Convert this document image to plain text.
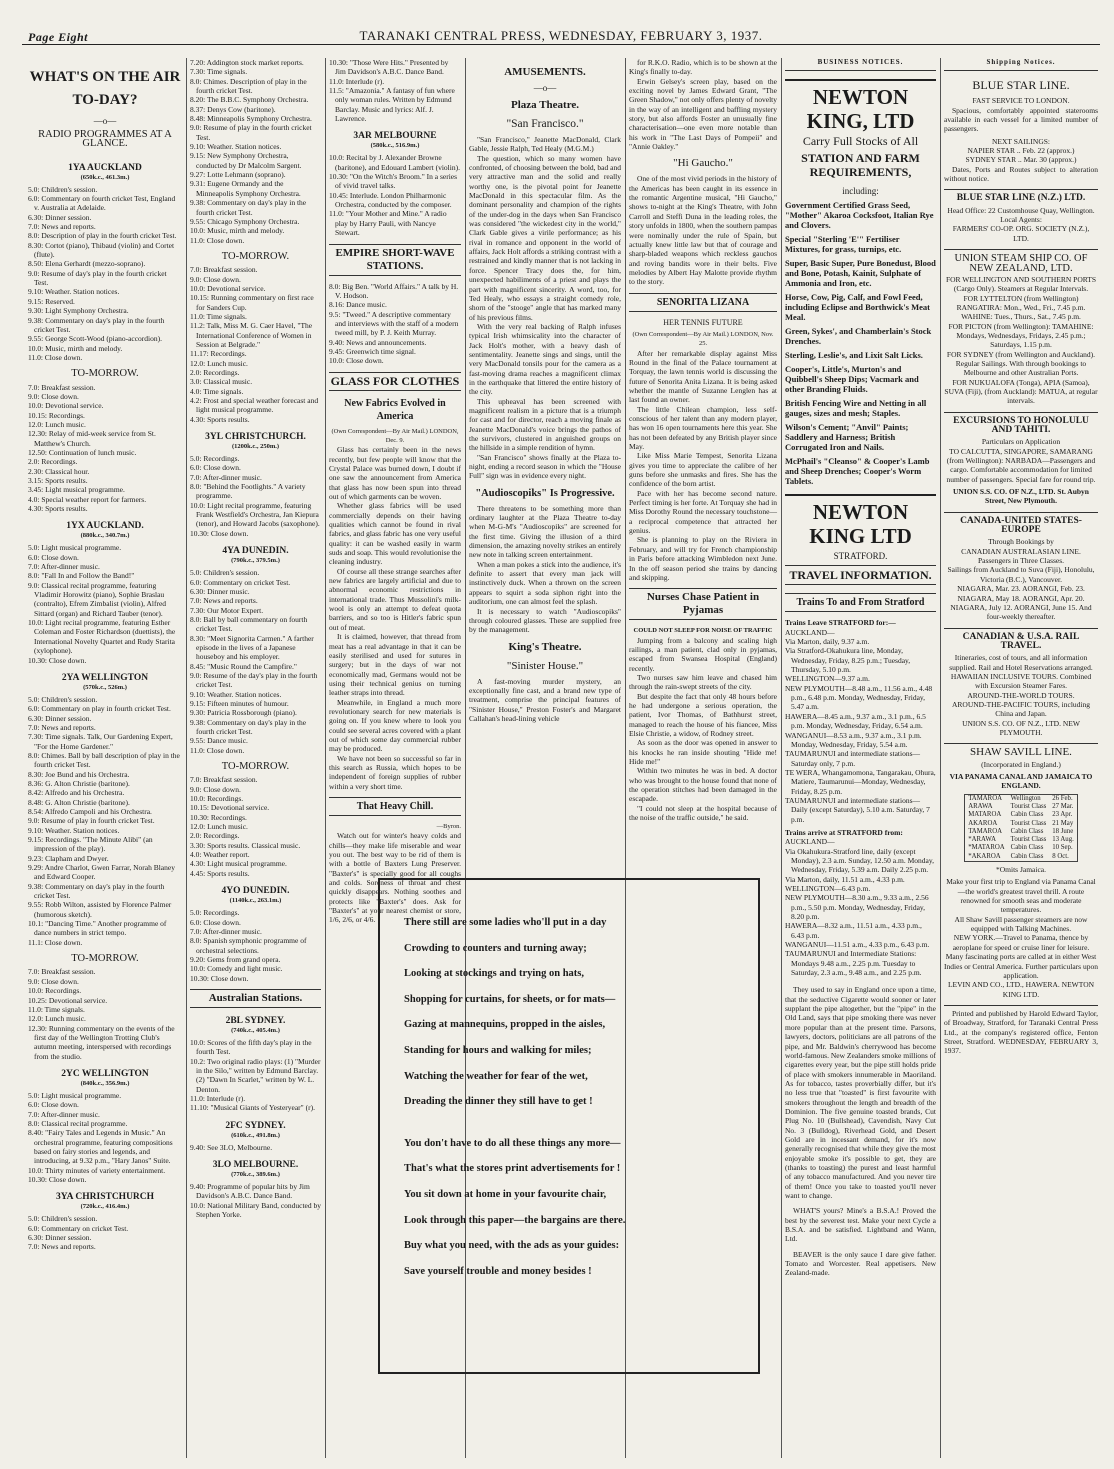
Page Eight	TARANAKI CENTRAL PRESS, WEDNESDAY, FEBRUARY 3, 1937.
WHAT'S ON THE AIR TO-DAY?
—o—
RADIO PROGRAMMES AT A GLANCE.
1YA AUCKLAND
(650k.c., 461.3m.)
5.0: Children's session.
6.0: Commentary on fourth cricket Test, England v. Australia at Adelaide.
6.30: Dinner session.
7.0: News and reports.
8.0: Description of play in the fourth cricket Test.
8.30: Cortot (piano), Thibaud (violin) and Cortet (flute).
8.50: Elena Gerhardt (mezzo-soprano).
9.0: Resume of day's play in the fourth cricket Test.
9.10: Weather. Station notices.
9.15: Reserved.
9.30: Light Symphony Orchestra.
9.38: Commentary on day's play in the fourth cricket Test.
9.55: George Scott-Wood (piano-accordion).
10.0: Music, mirth and melody.
11.0: Close down.
TO-MORROW.
7.0: Breakfast session.
9.0: Close down.
10.0: Devotional service.
10.15: Recordings.
12.0: Lunch music.
12.30: Relay of mid-week service from St. Matthew's Church.
12.50: Continuation of lunch music.
2.0: Recordings.
2.30: Classical hour.
3.15: Sports results.
3.45: Light musical programme.
4.0: Special weather report for farmers.
4.30: Sports results.
1YX AUCKLAND.
(880k.c., 340.7m.)
5.0: Light musical programme.
6.0: Close down.
7.0: After-dinner music.
8.0: "Fall In and Follow the Band!"
9.0: Classical recital programme, featuring Vladimir Horowitz (piano), Sophie Braslau (contralto), Efrem Zimbalist (violin), Alfred Sittard (organ) and Richard Tauber (tenor).
10.0: Light recital programme, featuring Esther Coleman and Foster Richardson (duettists), the International Novelty Quartet and Rudy Starita (xylophone).
10.30: Close down.
2YA WELLINGTON
(570k.c., 526m.)
5.0: Children's session.
6.0: Commentary on play in fourth cricket Test.
6.30: Dinner session.
7.0: News and reports.
7.30: Time signals. Talk, Our Gardening Expert, "For the Home Gardener."
8.0: Chimes. Ball by ball description of play in the fourth cricket Test.
8.30: Joe Bund and his Orchestra.
8.36: G. Alton Christie (baritone).
8.42: Alfredo and his Orchestra.
8.48: G. Alton Christie (baritone).
8.54: Alfredo Campoli and his Orchestra.
9.0: Resume of play in fourth cricket Test.
9.10: Weather. Station notices.
9.15: Recordings. "The Minute Alibi" (an impression of the play).
9.23: Clapham and Dwyer.
9.29: Andre Charlot, Gwen Farrar, Norah Blaney and Edward Cooper.
9.38: Commentary on day's play in the fourth cricket Test.
9.55: Robb Wilton, assisted by Florence Palmer (humorous sketch).
10.1: "Dancing Time." Another programme of dance numbers in strict tempo.
11.1: Close down.
TO-MORROW.
7.0: Breakfast session.
9.0: Close down.
10.0: Recordings.
10.25: Devotional service.
11.0: Time signals.
12.0: Lunch music.
12.30: Running commentary on the events of the first day of the Wellington Trotting Club's autumn meeting, interspersed with recordings from the studio.
2YC WELLINGTON
(840k.c., 356.9m.)
5.0: Light musical programme.
6.0: Close down.
7.0: After-dinner music.
8.0: Classical recital programme.
8.40: "Fairy Tales and Legends in Music." An orchestral programme, featuring compositions based on fairy stories and legends, and introducing, at 9.32 p.m., "Hary Janos" Suite.
10.0: Thirty minutes of variety entertainment.
10.30: Close down.
3YA CHRISTCHURCH
(720k.c., 416.4m.)
5.0: Children's session.
6.0: Commentary on cricket Test.
6.30: Dinner session.
7.0: News and reports.
7.20: Addington stock market reports.
7.30: Time signals.
8.0: Chimes. Description of play in the fourth cricket Test.
8.20: The B.B.C. Symphony Orchestra.
8.37: Denys Cow (baritone).
8.48: Minneapolis Symphony Orchestra.
9.0: Resume of play in the fourth cricket Test.
9.10: Weather. Station notices.
9.15: New Symphony Orchestra, conducted by Dr Malcolm Sargent.
9.27: Lotte Lehmann (soprano).
9.31: Eugene Ormandy and the Minneapolis Symphony Orchestra.
9.38: Commentary on day's play in the fourth cricket Test.
9.55: Chicago Symphony Orchestra.
10.0: Music, mirth and melody.
11.0: Close down.
TO-MORROW.
7.0: Breakfast session.
9.0: Close down.
10.0: Devotional service.
10.15: Running commentary on first race for Sanders Cup.
11.0: Time signals.
11.2: Talk, Miss M. G. Caer Havel, "The International Conference of Women in Session at Belgrade."
11.17: Recordings.
12.0: Lunch music.
2.0: Recordings.
3.0: Classical music.
4.0: Time signals.
4.2: Frost and special weather forecast and light musical programme.
4.30: Sports results.
3YL CHRISTCHURCH.
(1200k.c., 250m.)
5.0: Recordings.
6.0: Close down.
7.0: After-dinner music.
8.0: "Behind the Footlights." A variety programme.
10.0: Light recital programme, featuring Frank Westfield's Orchestra, Jan Kiepura (tenor), and Howard Jacobs (saxophone).
10.30: Close down.
4YA DUNEDIN.
(790k.c., 379.5m.)
5.0: Children's session.
6.0: Commentary on cricket Test.
6.30: Dinner music.
7.0: News and reports.
7.30: Our Motor Expert.
8.0: Ball by ball commentary on fourth cricket Test.
8.30: "Meet Signorita Carmen." A farther episode in the lives of a Japanese houseboy and his employer.
8.45: "Music Round the Campfire."
9.0: Resume of the day's play in the fourth cricket Test.
9.10: Weather. Station notices.
9.15: Fifteen minutes of humour.
9.30: Patricia Rossborough (piano).
9.38: Commentary on day's play in the fourth cricket Test.
9.55: Dance music.
11.0: Close down.
TO-MORROW.
7.0: Breakfast session.
9.0: Close down.
10.0: Recordings.
10.15: Devotional service.
10.30: Recordings.
12.0: Lunch music.
2.0: Recordings.
3.30: Sports results. Classical music.
4.0: Weather report.
4.30: Light musical programme.
4.45: Sports results.
4YO DUNEDIN.
(1140k.c., 263.1m.)
5.0: Recordings.
6.0: Close down.
7.0: After-dinner music.
8.0: Spanish symphonic programme of orchestral selections.
9.20: Gems from grand opera.
10.0: Comedy and light music.
10.30: Close down.
Australian Stations.
2BL SYDNEY.
(740k.c., 405.4m.)
10.0: Scores of the fifth day's play in the fourth Test.
10.2: Two original radio plays: (1) "Murder in the Silo," written by Edmund Barclay. (2) "Dawn In Scarlet," written by W. L. Denton.
11.0: Interlude (r).
11.10: "Musical Giants of Yesteryear" (r).
2FC SYDNEY.
(610k.c., 491.8m.)
9.40: See 3LO, Melbourne.
3LO MELBOURNE.
(770k.c., 389.6m.)
9.40: Programme of popular hits by Jim Davidson's A.B.C. Dance Band.
10.0: National Military Band, conducted by Stephen Yorke.
10.30: "Those Were Hits." Presented by Jim Davidson's A.B.C. Dance Band.
11.0: Interlude (r).
11.5: "Amazonia." A fantasy of fun where only woman rules. Written by Edmund Barclay. Music and lyrics: Alf. J. Lawrence.
3AR MELBOURNE
(580k.c., 516.9m.)
10.0: Recital by J. Alexander Browne (baritone), and Edouard Lambert (violin).
10.30: "On the Witch's Broom." In a series of vivid travel talks.
10.45: Interlude. London Philharmonic Orchestra, conducted by the composer.
11.0: "Your Mother and Mine." A radio play by Harry Pauli, with Nancye Stewart.
EMPIRE SHORT-WAVE STATIONS.
8.0: Big Ben. "World Affairs." A talk by H. V. Hodson.
8.16: Dance music.
9.5: "Tweed." A descriptive commentary and interviews with the staff of a modern tweed mill, by P. J. Keith Murray.
9.40: News and announcements.
9.45: Greenwich time signal.
10.0: Close down.
GLASS FOR CLOTHES
New Fabrics Evolved in America
(Own Correspondent—By Air Mail.) LONDON, Dec. 9.

Glass has certainly been in the news recently, but few people will know that the Crystal Palace was burned down, I doubt if one saw the announcement from America that glass has now been spun into thread out of which garments can be woven.

Whether glass fabrics will be used commercially depends on their having qualities which cannot be found in rival fabrics, and glass fabric has one very useful quality: it can be washed easily in warm suds and soap. This would revolutionise the cleaning industry.

Of course all these strange searches after new fabrics are largely artificial and due to abnormal economic restrictions in international trade. Thus Mussolini's milk-wool is only an attempt to defeat quota barriers, and so too is Hitler's fabric spun out of meat.

It is claimed, however, that thread from meat has a real advantage in that it can be easily sterilised and used for sutures in surgery; but in the days of war not economically mad, Germans would not be using their technical genius on turning leather straps into thread.

Meanwhile, in England a much more revolutionary search for new materials is going on. If you knew where to look you could see several acres covered with a plant out of which some day commercial rubber may be produced.

We have not been so successful so far in this search as Russia, which hopes to be independent of foreign supplies of rubber within a very short time.

That Heavy Chill.
—Byron.

Watch out for winter's heavy colds and chills—they make life miserable and wear you out. The best way to be rid of them is with a bottle of Baxters Lung Preserver. "Baxter's" is specially good for all coughs and colds. Soreness of throat and chest quickly disappears. Nothing soothes and protects like "Baxter's" does. Ask for "Baxter's" at your nearest chemist or store, 1/6, 2/6, or 4/6.

AMUSEMENTS.
—o—
Plaza Theatre.
"San Francisco."

"San Francisco," Jeanette MacDonald, Clark Gable, Jessie Ralph, Ted Healy (M.G.M.)

The question, which so many women have confronted, of choosing between the bold, bad and very attractive man and the solid and really worthy one, is the pivotal point for Jeanette MacDonald in this spectacular film. As the dominant personality and champion of the rights of the under-dog in the days when San Francisco was considered "the wickedest city in the world," Clark Gable gives a virile performance; as his rival in romance and opponent in the world of affairs, Jack Holt affords a striking contrast with a restrained and kindly manner that is not lacking in force. Spencer Tracy does the, for him, unexpected habiliments of a priest and plays the part with magnificent sincerity. A word, too, for Ted Healy, who essays a straight comedy role, shorn of the "stooge" angle that has marked many of his previous films.

With the very real backing of Ralph infuses typical Irish whimsicality into the character of Jack Holt's mother, with a heavy dash of sentimentality. Jeanette sings and sings, until the very MacDonald tonsils pour for the camera as a fast-moving drama reaches a magnificent climax in the earthquake that littered the entire history of the city.

This upheaval has been screened with magnificent realism in a picture that is a triumph for cast and for director, reach a moving finale as Jeanette MacDonald's voice brings the pathos of the survivors, clustered in anguished groups on the hillside in a simple rendition of hymn.

"San Francisco" shows finally at the Plaza to-night, ending a record season in which the "House Full" sign was in evidence every night.

"Audioscopiks" Is Progressive.

There threatens to be something more than ordinary laughter at the Plaza Theatre to-day when M-G-M's "Audioscopiks" are screened for the first time. Giving the illusion of a third dimension, the amazing novelty strikes an entirely new note in talking screen entertainment.

When a man pokes a stick into the audience, it's definite to assert that every man jack will instinctively duck. When a thrown on the screen appears to squirt a soda siphon right into the auditorium, one can almost feel the splash.

It is necessary to watch "Audioscopiks" through coloured glasses. These are supplied free by the management.

King's Theatre.
"Sinister House."

A fast-moving murder mystery, an exceptionally fine cast, and a brand new type of treatment, comprise the principal features of "Sinister House," Preston Foster's and Margaret Callahan's head-lining vehicle

for R.K.O. Radio, which is to be shown at the King's finally to-day.

Erwin Gelsey's screen play, based on the exciting novel by James Edward Grant, "The Green Shadow," not only offers plenty of novelty in the way of an intelligent and baffling mystery story, but also affords Foster an unusually fine characterisation—one even more notable than his work in "The Last Days of Pompeii" and "Annie Oakley."

"Hi Gaucho."

One of the most vivid periods in the history of the Americas has been caught in its essence in the romantic Argentine musical, "Hi Gaucho," shows to-night at the King's Theatre, with John Carroll and Steffi Duna in the leading roles, the story unfolds in 1800, when the southern pampas were nominally under the rule of Spain, but actually knew little law but that of courage and sharp-bladed weapons which reckless gauchos and roving bandits wore in their belts. Five melodies by Albert Hay Malotte provide rhythm to the story.

SENORITA LIZANA
HER TENNIS FUTURE
(Own Correspondent—By Air Mail.) LONDON, Nov. 25.

After her remarkable display against Miss Round in the final of the Palace tournament at Torquay, the lawn tennis world is discussing the future of Senorita Anita Lizana. It is being asked whether the mantle of Suzanne Lenglen has at last found an owner.

The little Chilean champion, less self-conscious of her talent than any modern player, has won 16 open tournaments here this year. She has not been defeated by any British player since May.

Like Miss Marie Tempest, Senorita Lizana gives you time to appreciate the calibre of her guns before she unmasks and fires. She has the confidence of the born artist.

Pace with her has become second nature. Perfect timing is her forte. At Torquay she had in Miss Dorothy Round the necessary touchstone—a reciprocal competence that attracted her genius.

She is planning to play on the Riviera in February, and will try for French championship in Paris before attacking Wimbledon next June. In the off season period she trains by dancing and skipping.

Nurses Chase Patient in Pyjamas
COULD NOT SLEEP FOR NOISE OF TRAFFIC

Jumping from a balcony and scaling high railings, a man patient, clad only in pyjamas, escaped from Swansea Hospital (England) recently.

Two nurses saw him leave and chased him through the rain-swept streets of the city.

But despite the fact that only 48 hours before he had undergone a serious operation, the patient, Ivor Thomas, of Bathhurst street, managed to reach the house of his fiancee, Miss Elsie Christie, a widow, of Rodney street.

As soon as the door was opened in answer to his knocks he ran inside shouting "Hide me! Hide me!"

Within two minutes he was in bed. A doctor who was brought to the house found that none of the operation stitches had been damaged in the escapade.

"I could not sleep at the hospital because of the noise of the traffic outside," he said.

There still are some ladies who'll put in a day
Crowding to counters and turning away;
Looking at stockings and trying on hats,
Shopping for curtains, for sheets, or for mats—
Gazing at mannequins, propped in the aisles,
Standing for hours and walking for miles;
Watching the weather for fear of the wet,
Dreading the dinner they still have to get !
You don't have to do all these things any more—
That's what the stores print advertisements for !
You sit down at home in your favourite chair,
Look through this paper—the bargains are there.
Buy what you need, with the ads as your guides:
Save yourself trouble and money besides !
BUSINESS NOTICES.
NEWTON KING, LTD
Carry Full Stocks of All
STATION AND FARM REQUIREMENTS,
including:
Government Certified Grass Seed, "Mother" Akaroa Cocksfoot, Italian Rye and Clovers.
Special "Sterling 'E'" Fertiliser Mixtures, for grass, turnips, etc.
Super, Basic Super, Pure Bonedust, Blood and Bone, Potash, Kainit, Sulphate of Ammonia and Iron, etc.
Horse, Cow, Pig, Calf, and Fowl Feed, including Eclipse and Borthwick's Meat Meal.
Green, Sykes', and Chamberlain's Stock Drenches.
Sterling, Leslie's, and Lixit Salt Licks.
Cooper's, Little's, Murton's and Quibbell's Sheep Dips; Vacmark and other Branding Fluids.
British Fencing Wire and Netting in all gauges, sizes and mesh; Staples.
Wilson's Cement; "Anvil" Paints; Saddlery and Harness; British Corrugated Iron and Nails.
McPhail's "Cleanso" & Cooper's Lamb and Sheep Drenches; Cooper's Worm Tablets.
NEWTON KING LTD
STRATFORD.
TRAVEL INFORMATION.
Trains To and From Stratford
Trains Leave STRATFORD for:—
AUCKLAND—
Via Marton, daily, 9.37 a.m.
Via Stratford-Okahukura line, Monday, Wednesday, Friday, 8.25 p.m.; Tuesday, Thursday, 5.10 p.m.
WELLINGTON—9.37 a.m.
NEW PLYMOUTH—8.48 a.m., 11.56 a.m., 4.48 p.m., 6.48 p.m. Monday, Wednesday, Friday, 5.47 a.m.
HAWERA—8.45 a.m., 9.37 a.m., 3.1 p.m., 6.5 p.m. Monday, Wednesday, Friday, 6.54 a.m.
WANGANUI—8.53 a.m., 9.37 a.m., 3.1 p.m. Monday, Wednesday, Friday, 5.54 a.m.
TAUMARUNUI and intermediate stations—Saturday only, 7 p.m.
TE WERA, Whangamomona, Tangarakau, Ohura, Matiere, Taumarunui—Monday, Wednesday, Friday, 8.25 p.m.
TAUMARUNUI and intermediate stations—Daily (except Saturday), 5.10 a.m. Saturday, 7 p.m.
Trains arrive at STRATFORD from:
AUCKLAND—
Via Okahukura-Stratford line, daily (except Monday), 2.3 a.m. Sunday, 12.50 a.m. Monday, Wednesday, Friday, 5.39 a.m. Daily 2.25 p.m.
Via Marton, daily, 11.51 a.m., 4.33 p.m.
WELLINGTON—6.43 p.m.
NEW PLYMOUTH—8.30 a.m., 9.33 a.m., 2.56 p.m., 5.50 p.m. Monday, Wednesday, Friday, 8.20 p.m.
HAWERA—8.32 a.m., 11.51 a.m., 4.33 p.m., 6.43 p.m.
WANGANUI—11.51 a.m., 4.33 p.m., 6.43 p.m.
TAUMARUNUI and Intermediate Stations: Mondays 9.48 a.m., 2.25 p.m. Tuesday to Saturday, 2.3 a.m., 9.48 a.m., and 2.25 p.m.

They used to say in England once upon a time, that the seductive Cigarette would sooner or later supplant the pipe altogether, but the "pipe" in the Old Land, says that pipe smoking there was never more popular than at the present time. Parsons, lawyers, doctors, politicians are all patrons of the pipe, and Mr. Baldwin's cherrywood has become world-famous. New Zealanders smoke millions of cigarettes every year, but the pipe still holds pride of place with smokers innumerable in Maoriland. As for tobacco, tastes proverbially differ, but it's no less true that "toasted" is first favourite with smokers throughout the length and breadth of the Dominion. The five genuine toasted brands, Cut Plug No. 10 (Bullshead), Cavendish, Navy Cut No. 3 (Bulldog), Riverhead Gold, and Desert Gold are in incessant demand, for it's now generally recognised that while they give the most enjoyable smoke it's possible to get, they are (thanks to toasting) the purest and least harmful of any tobacco manufactured. And you never tire of them! Once you take to toasted you'll never want to change.

WHAT'S yours? Mine's a B.S.A.! Proved the best by the severest test. Make your next Cycle a B.S.A. and be satisfied. Lightband and Wann, Ltd.

BEAVER is the only sauce I dare give father. Tomato and Worcester. Real appetisers. New Zealand-made.

Shipping Notices.
BLUE STAR LINE.
FAST SERVICE TO LONDON.

Spacious, comfortably appointed staterooms available in each vessel for a limited number of passengers.

NEXT SAILINGS:
NAPIER STAR .. Feb. 22 (approx.)
SYDNEY STAR .. Mar. 30 (approx.)

Dates, Ports and Routes subject to alteration without notice.

BLUE STAR LINE (N.Z.) LTD.
Head Office: 22 Customhouse Quay, Wellington.
Local Agents:
FARMERS' CO-OP. ORG. SOCIETY (N.Z.), LTD.
UNION STEAM SHIP CO. OF NEW ZEALAND, LTD.
FOR WELLINGTON AND SOUTHERN PORTS (Cargo Only). Steamers at Regular Intervals.
FOR LYTTELTON (from Wellington) RANGATIRA: Mon., Wed., Fri., 7.45 p.m.
WAHINE: Tues., Thurs., Sat., 7.45 p.m.
FOR PICTON (from Wellington): TAMAHINE: Mondays, Wednesdays, Fridays, 2.45 p.m.; Saturdays, 1.15 p.m.
FOR SYDNEY (from Wellington and Auckland). Regular Sailings. With through bookings to Melbourne and other Australian Ports.
FOR NUKUALOFA (Tonga), APIA (Samoa), SUVA (Fiji), (from Auckland): MATUA, at regular intervals.
EXCURSIONS TO HONOLULU AND TAHITI.
Particulars on Application
TO CALCUTTA, SINGAPORE, SAMARANG (from Wellington): NARBADA—Passengers and cargo. Comfortable accommodation for limited number of passengers. Special fare for round trip.
UNION S.S. CO. OF N.Z., LTD. St. Aubyn Street, New Plymouth.
CANADA-UNITED STATES-EUROPE
Through Bookings by
CANADIAN AUSTRALASIAN LINE.
Passengers in Three Classes.
Sailings from Auckland to Suva (Fiji), Honolulu, Victoria (B.C.), Vancouver.
NIAGARA, Mar. 23. AORANGI, Feb. 23. NIAGARA, May 18. AORANGI, Apr. 20. NIAGARA, July 12. AORANGI, June 15. And four-weekly thereafter.
CANADIAN & U.S.A. RAIL TRAVEL.
Itineraries, cost of tours, and all information supplied. Rail and Hotel Reservations arranged.
HAWAIIAN INCLUSIVE TOURS. Combined with Excursion Steamer Fares.
AROUND-THE-WORLD TOURS.
AROUND-THE-PACIFIC TOURS, including China and Japan.
UNION S.S. CO. OF N.Z., LTD. NEW PLYMOUTH.
SHAW SAVILL LINE.
(Incorporated in England.)
VIA PANAMA CANAL AND JAMAICA TO ENGLAND.
TAMAROA	Wellington	26 Feb.
ARAWA	Tourist Class	27 Mar.
MATAROA	Cabin Class	23 Apr.
AKAROA	Tourist Class	21 May
TAMAROA	Cabin Class	18 June
*ARAWA	Tourist Class	13 Aug.
*MATAROA	Cabin Class	10 Sep.
*AKAROA	Cabin Class	8 Oct.
*Omits Jamaica.
Make your first trip to England via Panama Canal—the world's greatest travel thrill. A route renowned for smooth seas and moderate temperatures.
All Shaw Savill passenger steamers are now equipped with Talking Machines.
NEW YORK.—Travel to Panama, thence by aeroplane for speed or cruise liner for leisure. Many fascinating ports are called at in either West Indies or Central America. Further particulars upon application.
LEVIN AND CO., LTD., HAWERA. NEWTON KING LTD.

Printed and published by Harold Edward Taylor, of Broadway, Stratford, for Taranaki Central Press Ltd., at the company's registered office, Fenton Street, Stratford. WEDNESDAY, FEBRUARY 3, 1937.
